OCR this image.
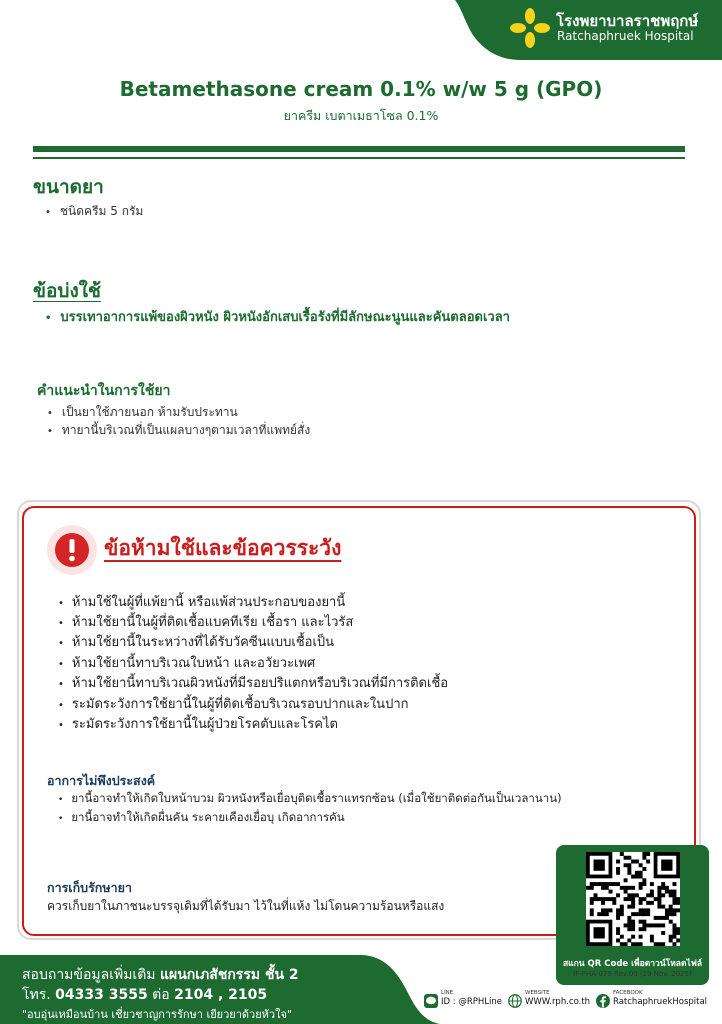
โรงพยาบาลราชพฤกษ์
Ratchaphruek Hospital
Betamethasone cream 0.1% w/w 5 g (GPO)
ยาครีม เบตาเมธาโซล 0.1%
ขนาดยา
• ชนิดครีม 5 กรัม
ข้อบ่งใช้
• บรรเทาอาการแพ้ของผิวหนัง ผิวหนังอักเสบเรื้อรังที่มีลักษณะนูนและคันตลอดเวลา
คำแนะนำในการใช้ยา
• เป็นยาใช้ภายนอก ห้ามรับประทาน
• ทายานี้บริเวณที่เป็นแผลบางๆตามเวลาที่แพทย์สั่ง
ข้อห้ามใช้และข้อควรระวัง
• ห้ามใช้ในผู้ที่แพ้ยานี้ หรือแพ้ส่วนประกอบของยานี้
• ห้ามใช้ยานี้ในผู้ที่ติดเชื้อแบคทีเรีย เชื้อรา และไวรัส
• ห้ามใช้ยานี้ในระหว่างที่ได้รับวัคซีนแบบเชื้อเป็น
• ห้ามใช้ยานี้ทาบริเวณใบหน้า และอวัยวะเพศ
• ห้ามใช้ยานี้ทาบริเวณผิวหนังที่มีรอยปริแตกหรือบริเวณที่มีการติดเชื้อ
• ระมัดระวังการใช้ยานี้ในผู้ที่ติดเชื้อบริเวณรอบปากและในปาก
• ระมัดระวังการใช้ยานี้ในผู้ป่วยโรคตับและโรคไต
อาการไม่พึงประสงค์
• ยานี้อาจทำให้เกิดใบหน้าบวม ผิวหนังหรือเยื่อบุติดเชื้อราแทรกซ้อน (เมื่อใช้ยาติดต่อกันเป็นเวลานาน)
• ยานี้อาจทำให้เกิดผื่นคัน ระคายเคืองเยื่อบุ เกิดอาการคัน
การเก็บรักษายา
ควรเก็บยาในภาชนะบรรจุเดิมที่ได้รับมา ไว้ในที่แห้ง ไม่โดนความร้อนหรือแสง
สแกน QR Code เพื่อดาวน์โหลดไฟล์
IF-PHA-079 Rev.00 (19 Nov. 2025)
สอบถามข้อมูลเพิ่มเติม แผนกเภสัชกรรม ชั้น 2
โทร. 04333 3555 ต่อ 2104 , 2105
"อบอุ่นเหมือนบ้าน เชี่ยวชาญการรักษา เยียวยาด้วยหัวใจ"
LINE
ID : @RPHLine
WEBSITE
WWW.rph.co.th
FACEBOOK
RatchaphruekHospital
